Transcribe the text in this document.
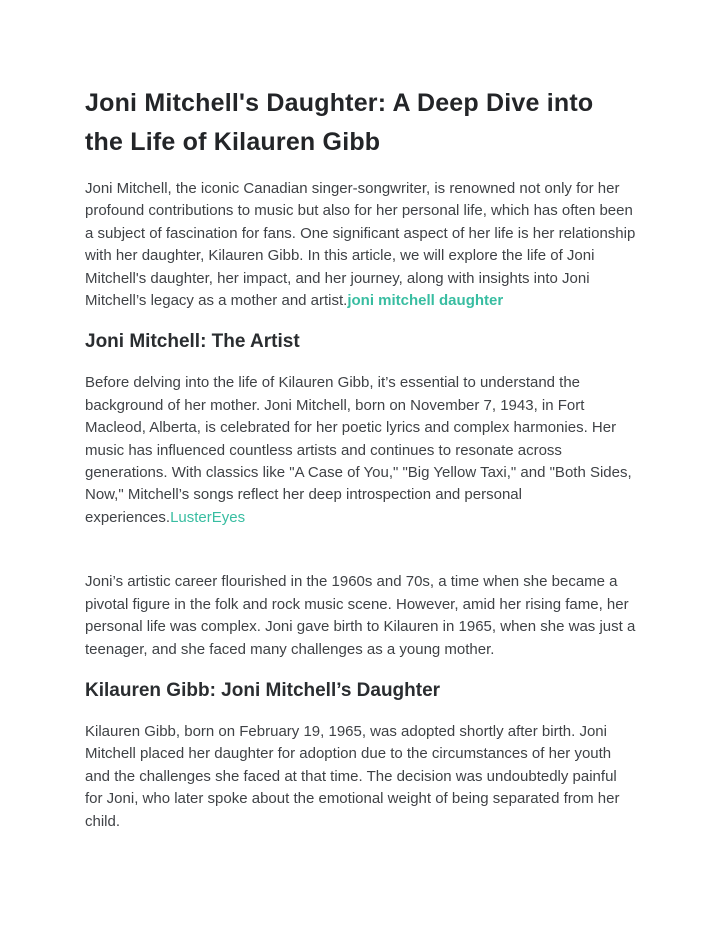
Joni Mitchell's Daughter: A Deep Dive into the Life of Kilauren Gibb

Joni Mitchell, the iconic Canadian singer-songwriter, is renowned not only for her profound contributions to music but also for her personal life, which has often been a subject of fascination for fans. One significant aspect of her life is her relationship with her daughter, Kilauren Gibb. In this article, we will explore the life of Joni Mitchell's daughter, her impact, and her journey, along with insights into Joni Mitchell’s legacy as a mother and artist.joni mitchell daughter

Joni Mitchell: The Artist

Before delving into the life of Kilauren Gibb, it’s essential to understand the background of her mother. Joni Mitchell, born on November 7, 1943, in Fort Macleod, Alberta, is celebrated for her poetic lyrics and complex harmonies. Her music has influenced countless artists and continues to resonate across generations. With classics like "A Case of You," "Big Yellow Taxi," and "Both Sides, Now," Mitchell’s songs reflect her deep introspection and personal experiences.LusterEyes

Joni’s artistic career flourished in the 1960s and 70s, a time when she became a pivotal figure in the folk and rock music scene. However, amid her rising fame, her personal life was complex. Joni gave birth to Kilauren in 1965, when she was just a teenager, and she faced many challenges as a young mother.

Kilauren Gibb: Joni Mitchell’s Daughter

Kilauren Gibb, born on February 19, 1965, was adopted shortly after birth. Joni Mitchell placed her daughter for adoption due to the circumstances of her youth and the challenges she faced at that time. The decision was undoubtedly painful for Joni, who later spoke about the emotional weight of being separated from her child.
